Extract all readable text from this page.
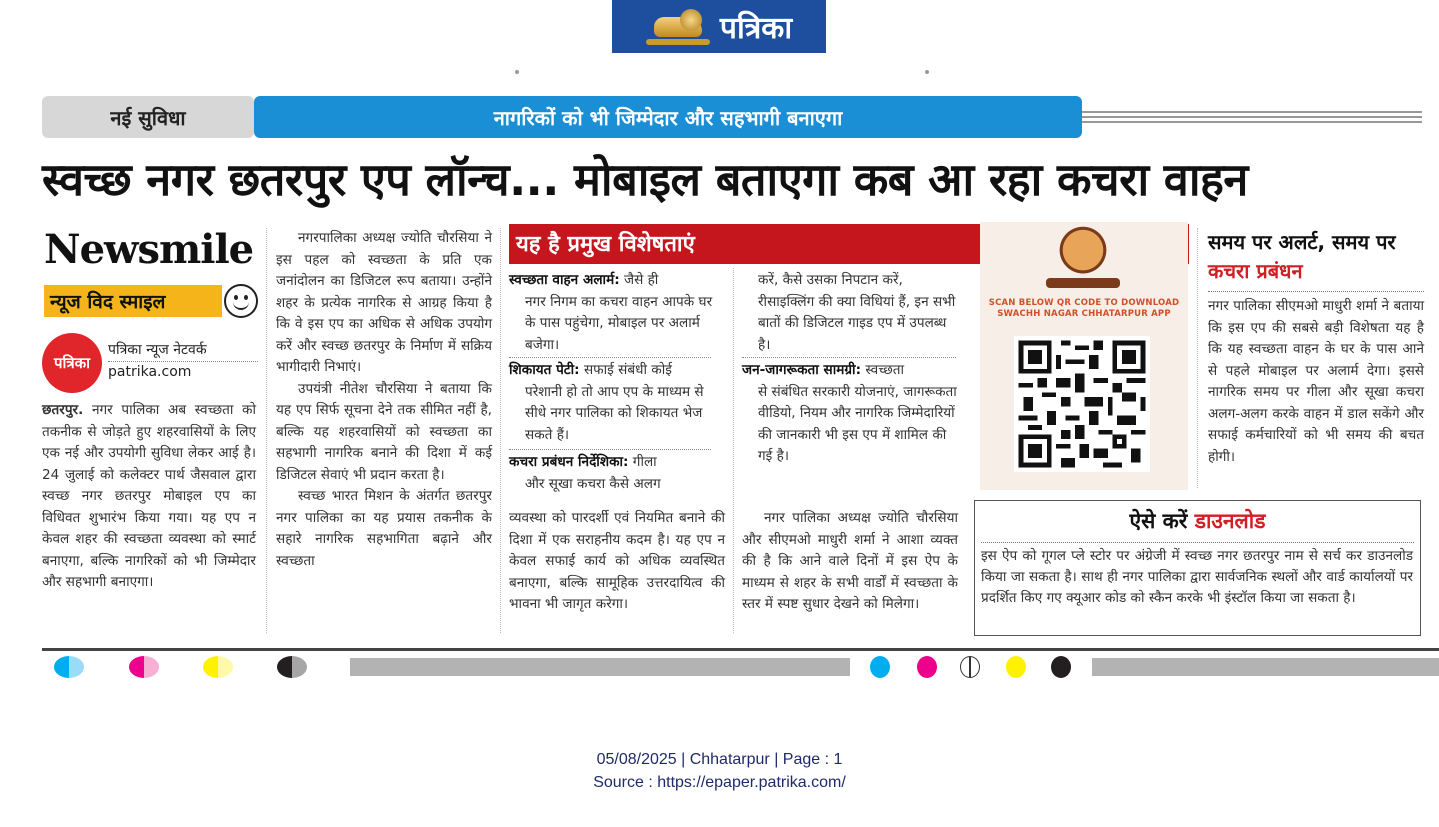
पत्रिका
नई सुविधा	नागरिकों को भी जिम्मेदार और सहभागी बनाएगा
स्वच्छ नगर छतरपुर एप लॉन्च... मोबाइल बताएगा कब आ रहा कचरा वाहन
Newsmile
न्यूज विद स्माइल
पत्रिका
पत्रिका न्यूज नेटवर्क
patrika.com

छतरपुर. नगर पालिका अब स्वच्छता को तकनीक से जोड़ते हुए शहरवासियों के लिए एक नई और उपयोगी सुविधा लेकर आई है। 24 जुलाई को कलेक्टर पार्थ जैसवाल द्वारा स्वच्छ नगर छतरपुर मोबाइल एप का विधिवत शुभारंभ किया गया। यह एप न केवल शहर की स्वच्छता व्यवस्था को स्मार्ट बनाएगा, बल्कि नागरिकों को भी जिम्मेदार और सहभागी बनाएगा।

नगरपालिका अध्यक्ष ज्योति चौरसिया ने इस पहल को स्वच्छता के प्रति एक जनांदोलन का डिजिटल रूप बताया। उन्होंने शहर के प्रत्येक नागरिक से आग्रह किया है कि वे इस एप का अधिक से अधिक उपयोग करें और स्वच्छ छतरपुर के निर्माण में सक्रिय भागीदारी निभाएं।

उपयंत्री नीतेश चौरसिया ने बताया कि यह एप सिर्फ सूचना देने तक सीमित नहीं है, बल्कि यह शहरवासियों को स्वच्छता का सहभागी नागरिक बनाने की दिशा में कई डिजिटल सेवाएं भी प्रदान करता है।

स्वच्छ भारत मिशन के अंतर्गत छतरपुर नगर पालिका का यह प्रयास तकनीक के सहारे नागरिक सहभागिता बढ़ाने और स्वच्छता

यह है प्रमुख विशेषताएं
स्वच्छता वाहन अलार्म: जैसे ही
नगर निगम का कचरा वाहन आपके घर के पास पहुंचेगा, मोबाइल पर अलार्म बजेगा।
शिकायत पेटी: सफाई संबंधी कोई
परेशानी हो तो आप एप के माध्यम से सीधे नगर पालिका को शिकायत भेज सकते हैं।
कचरा प्रबंधन निर्देशिका: गीला
और सूखा कचरा कैसे अलग
व्यवस्था को पारदर्शी एवं नियमित बनाने की दिशा में एक सराहनीय कदम है। यह एप न केवल सफाई कार्य को अधिक व्यवस्थित बनाएगा, बल्कि सामूहिक उत्तरदायित्व की भावना भी जागृत करेगा।
करें, कैसे उसका निपटान करें, रीसाइक्लिंग की क्या विधियां हैं, इन सभी बातों की डिजिटल गाइड एप में उपलब्ध है।
जन-जागरूकता सामग्री: स्वच्छता
से संबंधित सरकारी योजनाएं, जागरूकता वीडियो, नियम और नागरिक जिम्मेदारियों की जानकारी भी इस एप में शामिल की गई है।

नगर पालिका अध्यक्ष ज्योति चौरसिया और सीएमओ माधुरी शर्मा ने आशा व्यक्त की है कि आने वाले दिनों में इस ऐप के माध्यम से शहर के सभी वार्डों में स्वच्छता के स्तर में स्पष्ट सुधार देखने को मिलेगा।

SCAN BELOW QR CODE TO DOWNLOAD
SWACHH NAGAR CHHATARPUR APP
समय पर अलर्ट, समय पर कचरा प्रबंधन
नगर पालिका सीएमओ माधुरी शर्मा ने बताया कि इस एप की सबसे बड़ी विशेषता यह है कि यह स्वच्छता वाहन के घर के पास आने से पहले मोबाइल पर अलार्म देगा। इससे नागरिक समय पर गीला और सूखा कचरा अलग-अलग करके वाहन में डाल सकेंगे और सफाई कर्मचारियों को भी समय की बचत होगी।
ऐसे करें डाउनलोड
इस ऐप को गूगल प्ले स्टोर पर अंग्रेजी में स्वच्छ नगर छतरपुर नाम से सर्च कर डाउनलोड किया जा सकता है। साथ ही नगर पालिका द्वारा सार्वजनिक स्थलों और वार्ड कार्यालयों पर प्रदर्शित किए गए क्यूआर कोड को स्कैन करके भी इंस्टॉल किया जा सकता है।
05/08/2025 | Chhatarpur | Page : 1
Source : https://epaper.patrika.com/
